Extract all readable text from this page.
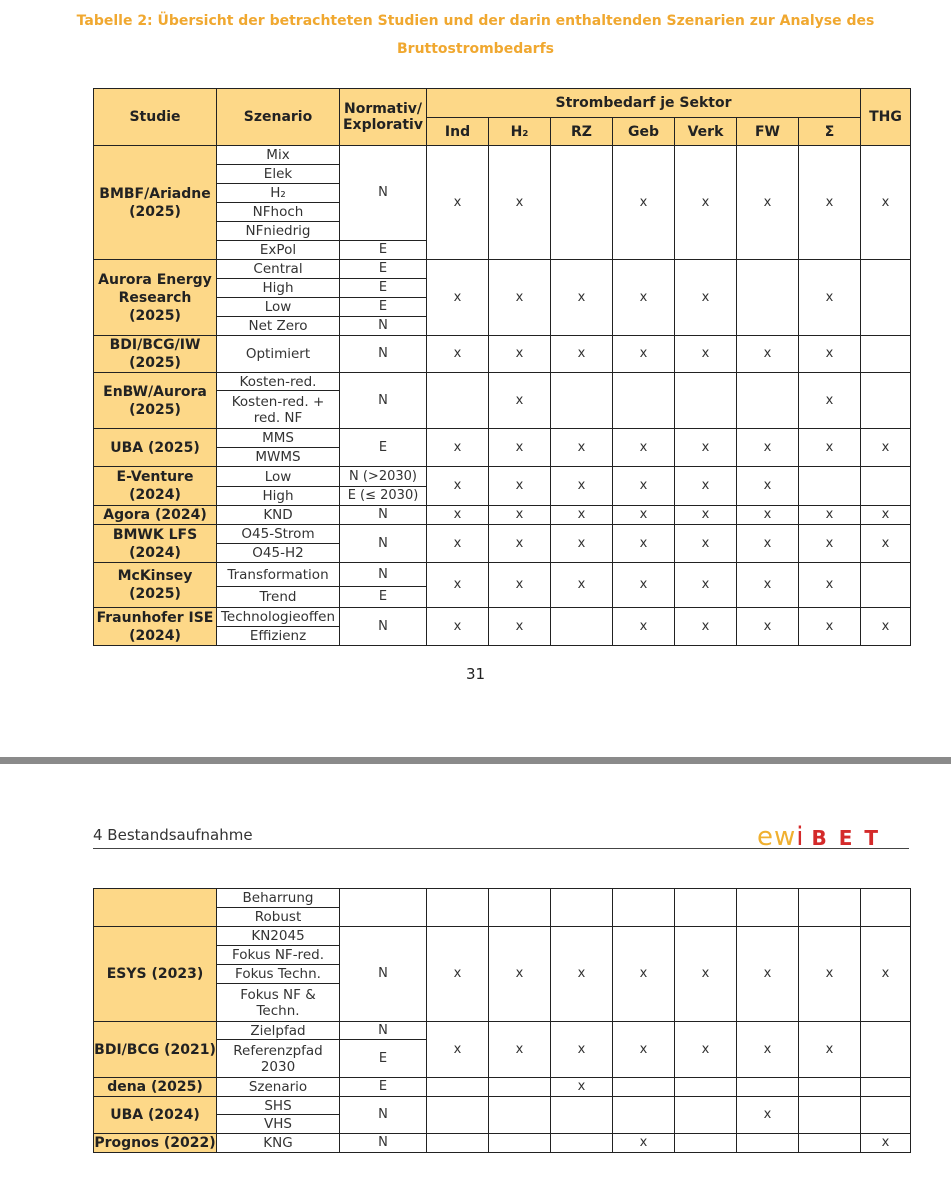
Tabelle 2: Übersicht der betrachteten Studien und der darin enthaltenden Szenarien zur Analyse des
Bruttostrombedarfs
Studie	Szenario	Normativ/
Explorativ	Strombedarf je Sektor							THG
			Ind	H₂	RZ	Geb	Verk	FW	Σ	
BMBF/Ariadne (2025)	Mix	N	x	x		x	x	x	x	x
	Elek									
	H₂									
	NFhoch									
	NFniedrig									
	ExPol	E								
Aurora Energy Research (2025)	Central	E	x	x	x	x	x		x	
	High	E								
	Low	E								
	Net Zero	N								
BDI/BCG/IW (2025)	Optimiert	N	x	x	x	x	x	x	x	
EnBW/Aurora (2025)	Kosten-red.	N		x					x	
	Kosten-red. + red. NF									
UBA (2025)	MMS	E	x	x	x	x	x	x	x	x
	MWMS									
E-Venture (2024)	Low	N (>2030)	x	x	x	x	x	x		
	High	E (≤ 2030)								
Agora (2024)	KND	N	x	x	x	x	x	x	x	x
BMWK LFS (2024)	O45-Strom	N	x	x	x	x	x	x	x	x
	O45-H2									
McKinsey (2025)	Transformation	N	x	x	x	x	x	x	x	
	Trend	E								
Fraunhofer ISE (2024)	Technologieoffen	N	x	x		x	x	x	x	x
	Effizienz									
31
4 Bestandsaufnahme	ewi BET
	Beharrung									
	Robust									
ESYS (2023)	KN2045	N	x	x	x	x	x	x	x	x
	Fokus NF-red.									
	Fokus Techn.									
	Fokus NF & Techn.									
BDI/BCG (2021)	Zielpfad	N	x	x	x	x	x	x	x	
	Referenzpfad 2030	E								
dena (2025)	Szenario	E			x					
UBA (2024)	SHS	N						x		
	VHS									
Prognos (2022)	KNG	N				x				x
